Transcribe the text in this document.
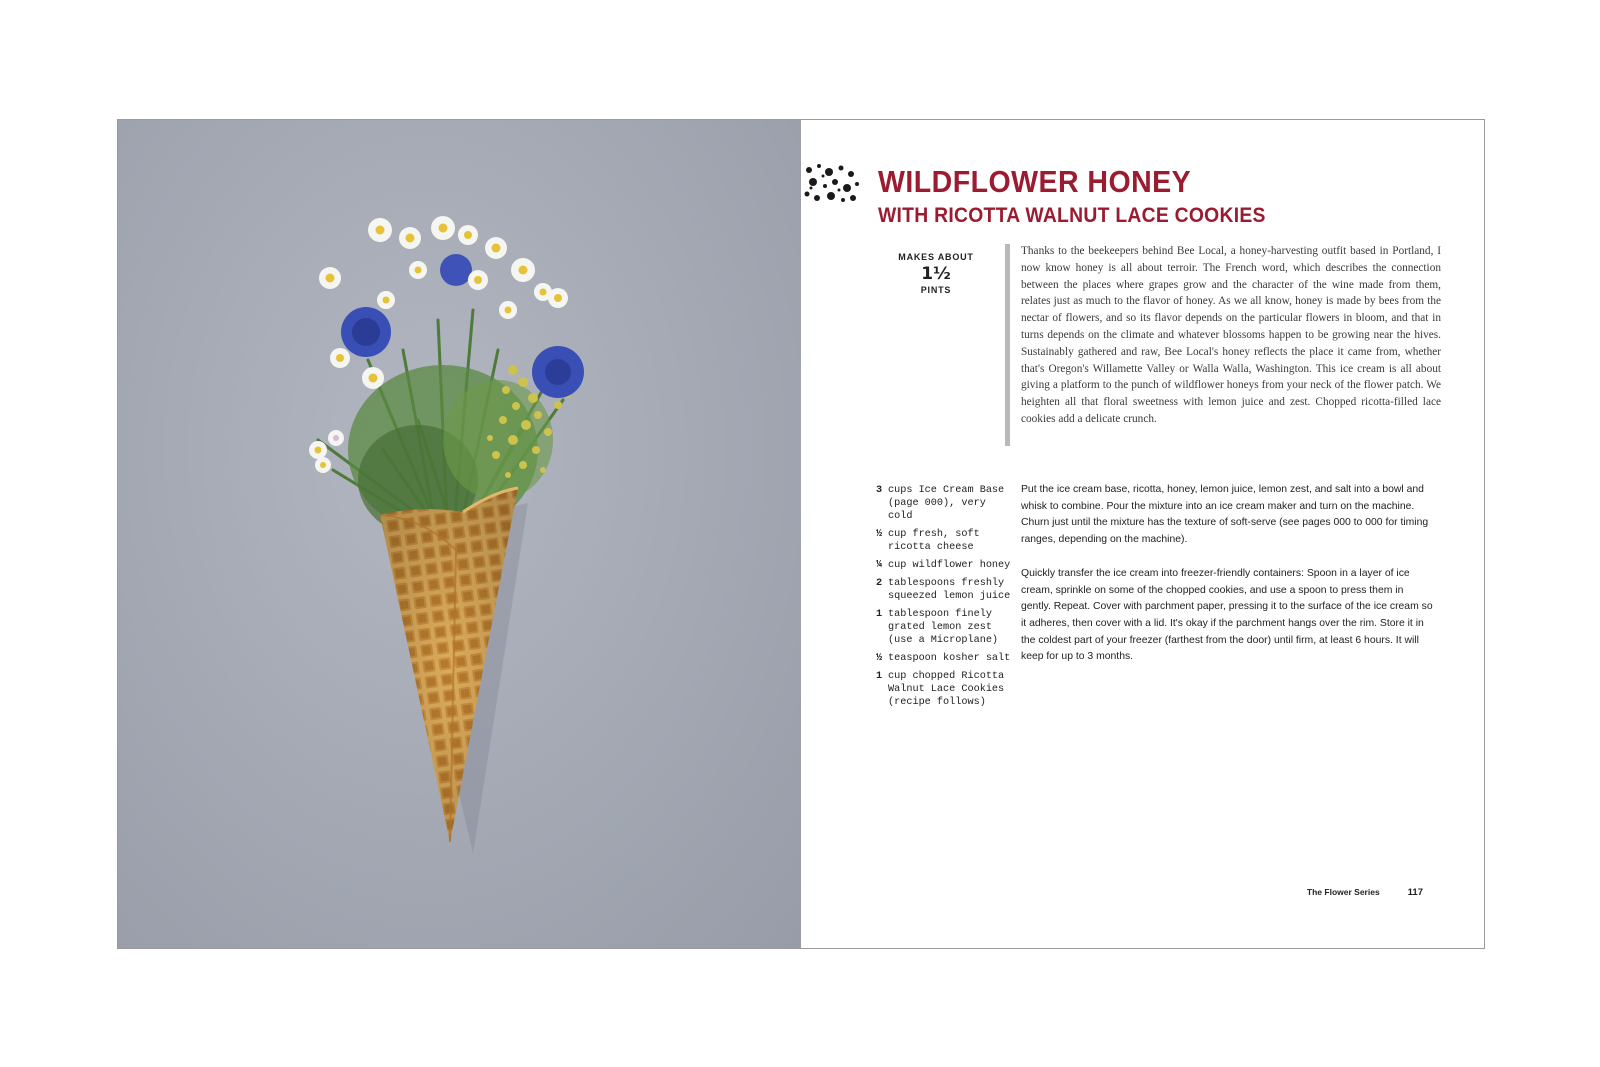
WILDFLOWER HONEY
WITH RICOTTA WALNUT LACE COOKIES
MAKES ABOUT
1½
PINTS

Thanks to the beekeepers behind Bee Local, a honey-harvesting outfit based in Portland, I now know honey is all about terroir. The French word, which describes the connection between the places where grapes grow and the character of the wine made from them, relates just as much to the flavor of honey. As we all know, honey is made by bees from the nectar of flowers, and so its flavor depends on the particular flowers in bloom, and that in turns depends on the climate and whatever blossoms happen to be growing near the hives. Sustainably gathered and raw, Bee Local's honey reflects the place it came from, whether that's Oregon's Willamette Valley or Walla Walla, Washington. This ice cream is all about giving a platform to the punch of wildflower honeys from your neck of the flower patch. We heighten all that floral sweetness with lemon juice and zest. Chopped ricotta-filled lace cookies add a delicate crunch.

3 cups Ice Cream Base (page 000), very cold
½ cup fresh, soft ricotta cheese
¼ cup wildflower honey
2 tablespoons freshly squeezed lemon juice
1 tablespoon finely grated lemon zest (use a Microplane)
½ teaspoon kosher salt
1 cup chopped Ricotta Walnut Lace Cookies (recipe follows)

Put the ice cream base, ricotta, honey, lemon juice, lemon zest, and salt into a bowl and whisk to combine. Pour the mixture into an ice cream maker and turn on the machine. Churn just until the mixture has the texture of soft-serve (see pages 000 to 000 for timing ranges, depending on the machine).

Quickly transfer the ice cream into freezer-friendly containers: Spoon in a layer of ice cream, sprinkle on some of the chopped cookies, and use a spoon to press them in gently. Repeat. Cover with parchment paper, pressing it to the surface of the ice cream so it adheres, then cover with a lid. It's okay if the parchment hangs over the rim. Store it in the coldest part of your freezer (farthest from the door) until firm, at least 6 hours. It will keep for up to 3 months.

The Flower Series	117
